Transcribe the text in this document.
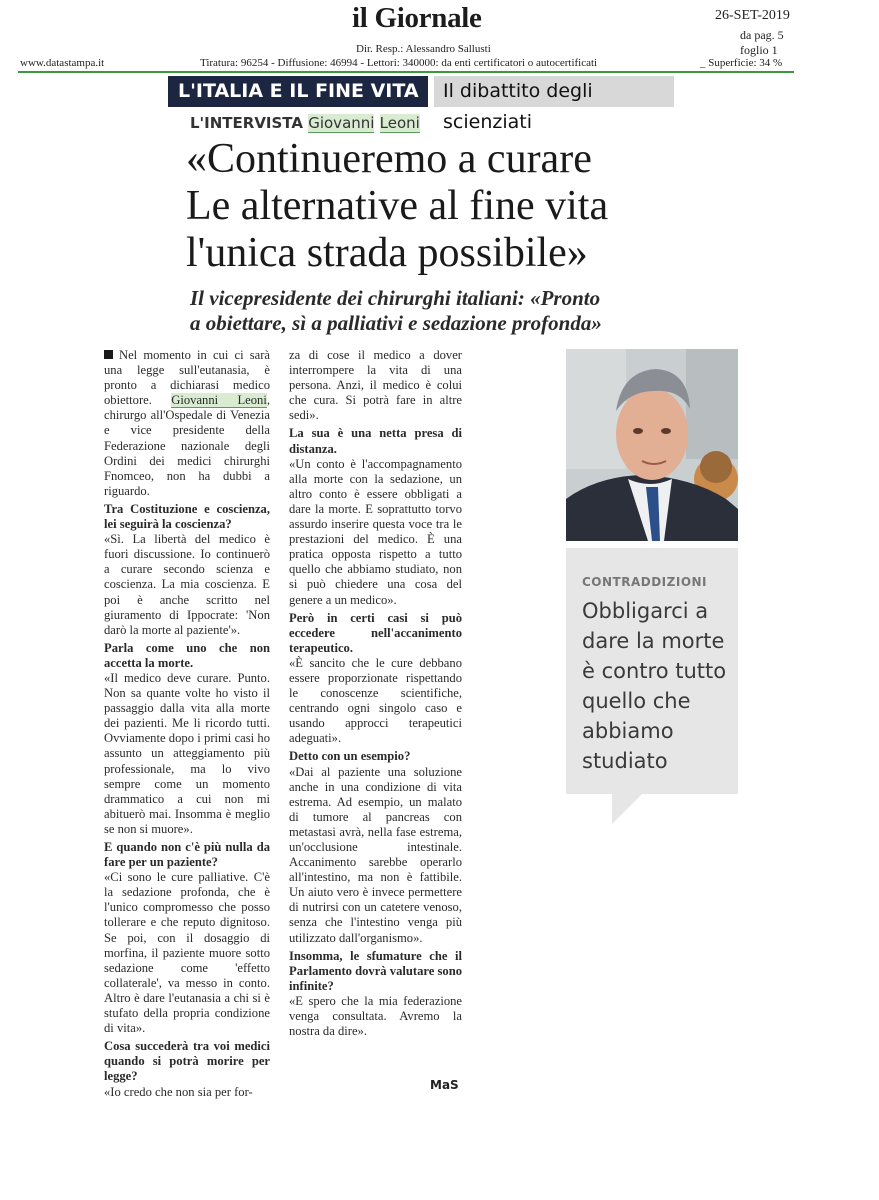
il Giornale	26-SET-2019
da pag. 5
foglio 1
Dir. Resp.: Alessandro Sallusti
www.datastampa.it	Tiratura: 96254 - Diffusione: 46994 - Lettori: 340000: da enti certificatori o autocertificati	_ Superficie: 34 %
L'ITALIA E IL FINE VITA	Il dibattito degli scienziati
L'INTERVISTA Giovanni Leoni
«Continueremo a curare
Le alternative al fine vita
l'unica strada possibile»
Il vicepresidente dei chirurghi italiani: «Pronto
a obiettare, sì a palliativi e sedazione profonda»

Nel momento in cui ci sarà una legge sull'eutanasia, è pronto a dichiarasi medico obiettore. Giovanni Leoni, chirurgo all'Ospedale di Venezia e vice presidente della Federazione nazionale degli Ordini dei medici chirurghi Fnomceo, non ha dubbi a riguardo.

Tra Costituzione e coscienza, lei seguirà la coscienza?

«Sì. La libertà del medico è fuori discussione. Io continuerò a curare secondo scienza e coscienza. La mia coscienza. E poi è anche scritto nel giuramento di Ippocrate: 'Non darò la morte al paziente'».

Parla come uno che non accetta la morte.

«Il medico deve curare. Punto. Non sa quante volte ho visto il passaggio dalla vita alla morte dei pazienti. Me li ricordo tutti. Ovviamente dopo i primi casi ho assunto un atteggiamento più professionale, ma lo vivo sempre come un momento drammatico a cui non mi abituerò mai. Insomma è meglio se non si muore».

E quando non c'è più nulla da fare per un paziente?

«Ci sono le cure palliative. C'è la sedazione profonda, che è l'unico compromesso che posso tollerare e che reputo dignitoso. Se poi, con il dosaggio di morfina, il paziente muore sotto sedazione come 'effetto collaterale', va messo in conto. Altro è dare l'eutanasia a chi si è stufato della propria condizione di vita».

Cosa succederà tra voi medici quando si potrà morire per legge?

«Io credo che non sia per for-

za di cose il medico a dover interrompere la vita di una persona. Anzi, il medico è colui che cura. Si potrà fare in altre sedi».

La sua è una netta presa di distanza.

«Un conto è l'accompagnamento alla morte con la sedazione, un altro conto è essere obbligati a dare la morte. E soprattutto torvo assurdo inserire questa voce tra le prestazioni del medico. È una pratica opposta rispetto a tutto quello che abbiamo studiato, non si può chiedere una cosa del genere a un medico».

Però in certi casi si può eccedere nell'accanimento terapeutico.

«È sancito che le cure debbano essere proporzionate rispettando le conoscenze scientifiche, centrando ogni singolo caso e usando approcci terapeutici adeguati».

Detto con un esempio?

«Dai al paziente una soluzione anche in una condizione di vita estrema. Ad esempio, un malato di tumore al pancreas con metastasi avrà, nella fase estrema, un'occlusione intestinale. Accanimento sarebbe operarlo all'intestino, ma non è fattibile. Un aiuto vero è invece permettere di nutrirsi con un catetere venoso, senza che l'intestino venga più utilizzato dall'organismo».

Insomma, le sfumature che il Parlamento dovrà valutare sono infinite?

«E spero che la mia federazione venga consultata. Avremo la nostra da dire».

MaS
CONTRADDIZIONI
Obbligarci a dare la morte è contro tutto quello che abbiamo studiato
